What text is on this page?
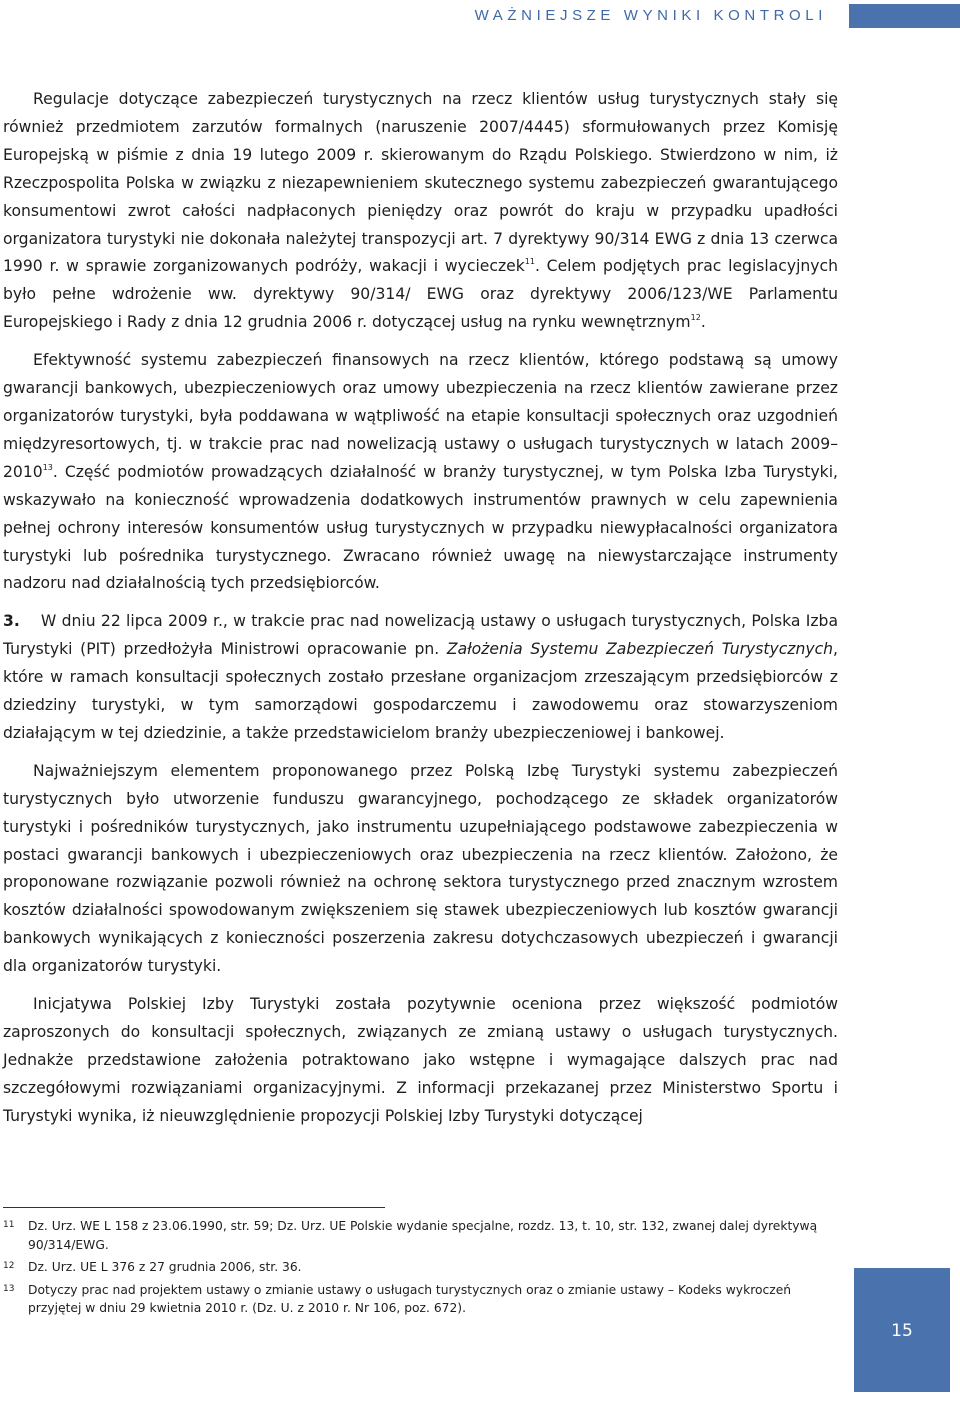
WAŻNIEJSZE WYNIKI KONTROLI

Regulacje dotyczące zabezpieczeń turystycznych na rzecz klientów usług turystycznych stały się również przedmiotem zarzutów formalnych (naruszenie 2007/4445) sformułowanych przez Komisję Europejską w piśmie z dnia 19 lutego 2009 r. skierowanym do Rządu Polskiego. Stwierdzono w nim, iż Rzeczpospolita Polska w związku z niezapewnieniem skutecznego systemu zabezpieczeń gwarantującego konsumentowi zwrot całości nadpłaconych pieniędzy oraz powrót do kraju w przypadku upadłości organizatora turystyki nie dokonała należytej transpozycji art. 7 dyrektywy 90/314 EWG z dnia 13 czerwca 1990 r. w sprawie zorganizowanych podróży, wakacji i wycieczek$^{11}$. Celem podjętych prac legislacyjnych było pełne wdrożenie ww. dyrektywy 90/314/ EWG oraz dyrektywy 2006/123/WE Parlamentu Europejskiego i Rady z dnia 12 grudnia 2006 r. dotyczącej usług na rynku wewnętrznym$^{12}$.

Efektywność systemu zabezpieczeń finansowych na rzecz klientów, którego podstawą są umowy gwarancji bankowych, ubezpieczeniowych oraz umowy ubezpieczenia na rzecz klientów zawierane przez organizatorów turystyki, była poddawana w wątpliwość na etapie konsultacji społecznych oraz uzgodnień międzyresortowych, tj. w trakcie prac nad nowelizacją ustawy o usługach turystycznych w latach 2009–2010$^{13}$. Część podmiotów prowadzących działalność w branży turystycznej, w tym Polska Izba Turystyki, wskazywało na konieczność wprowadzenia dodatkowych instrumentów prawnych w celu zapewnienia pełnej ochrony interesów konsumentów usług turystycznych w przypadku niewypłacalności organizatora turystyki lub pośrednika turystycznego. Zwracano również uwagę na niewystarczające instrumenty nadzoru nad działalnością tych przedsiębiorców.

3. W dniu 22 lipca 2009 r., w trakcie prac nad nowelizacją ustawy o usługach turystycznych, Polska Izba Turystyki (PIT) przedłożyła Ministrowi opracowanie pn. Założenia Systemu Zabezpieczeń Turystycznych, które w ramach konsultacji społecznych zostało przesłane organizacjom zrzeszającym przedsiębiorców z dziedziny turystyki, w tym samorządowi gospodarczemu i zawodowemu oraz stowarzyszeniom działającym w tej dziedzinie, a także przedstawicielom branży ubezpieczeniowej i bankowej.

Najważniejszym elementem proponowanego przez Polską Izbę Turystyki systemu zabezpieczeń turystycznych było utworzenie funduszu gwarancyjnego, pochodzącego ze składek organizatorów turystyki i pośredników turystycznych, jako instrumentu uzupełniającego podstawowe zabezpieczenia w postaci gwarancji bankowych i ubezpieczeniowych oraz ubezpieczenia na rzecz klientów. Założono, że proponowane rozwiązanie pozwoli również na ochronę sektora turystycznego przed znacznym wzrostem kosztów działalności spowodowanym zwiększeniem się stawek ubezpieczeniowych lub kosztów gwarancji bankowych wynikających z konieczności poszerzenia zakresu dotychczasowych ubezpieczeń i gwarancji dla organizatorów turystyki.

Inicjatywa Polskiej Izby Turystyki została pozytywnie oceniona przez większość podmiotów zaproszonych do konsultacji społecznych, związanych ze zmianą ustawy o usługach turystycznych. Jednakże przedstawione założenia potraktowano jako wstępne i wymagające dalszych prac nad szczegółowymi rozwiązaniami organizacyjnymi. Z informacji przekazanej przez Ministerstwo Sportu i Turystyki wynika, iż nieuwzględnienie propozycji Polskiej Izby Turystyki dotyczącej

11	Dz. Urz. WE L 158 z 23.06.1990, str. 59; Dz. Urz. UE Polskie wydanie specjalne, rozdz. 13, t. 10, str. 132, zwanej dalej dyrektywą 90/314/EWG.
12	Dz. Urz. UE L 376 z 27 grudnia 2006, str. 36.
13	Dotyczy prac nad projektem ustawy o zmianie ustawy o usługach turystycznych oraz o zmianie ustawy – Kodeks wykroczeń przyjętej w dniu 29 kwietnia 2010 r. (Dz. U. z 2010 r. Nr 106, poz. 672).
15
